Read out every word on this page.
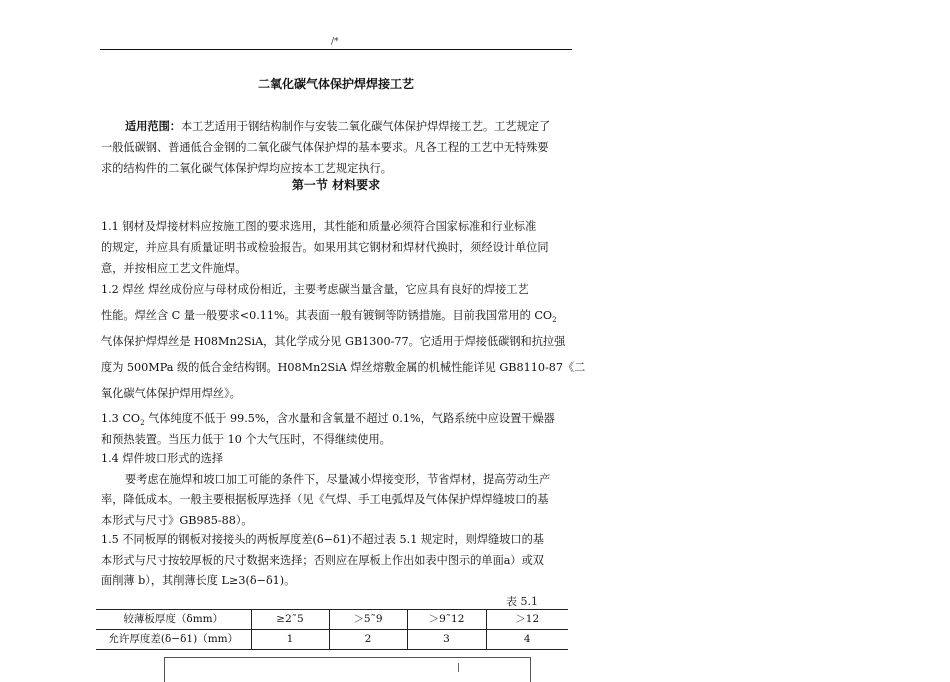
/*
二氧化碳气体保护焊焊接工艺
适用范围：本工艺适用于钢结构制作与安装二氧化碳气体保护焊焊接工艺。工艺规定了
一般低碳钢、普通低合金钢的二氧化碳气体保护焊的基本要求。凡各工程的工艺中无特殊要
求的结构件的二氧化碳气体保护焊均应按本工艺规定执行。
第一节 材料要求
1.1 钢材及焊接材料应按施工图的要求选用，其性能和质量必须符合国家标准和行业标准
的规定，并应具有质量证明书或检验报告。如果用其它钢材和焊材代换时，须经设计单位同
意，并按相应工艺文件施焊。
1.2 焊丝 焊丝成份应与母材成份相近，主要考虑碳当量含量，它应具有良好的焊接工艺
性能。焊丝含 C 量一般要求<0.11%。其表面一般有镀铜等防锈措施。目前我国常用的 $CO_2$
气体保护焊焊丝是 H08Mn2SiA，其化学成分见 GB1300-77。它适用于焊接低碳钢和抗拉强
度为 500MPa 级的低合金结构钢。H08Mn2SiA 焊丝熔敷金属的机械性能详见 GB8110-87《二
氧化碳气体保护焊用焊丝》。
1.3 $CO_2$ 气体纯度不低于 99.5%，含水量和含氧量不超过 0.1%，气路系统中应设置干燥器
和预热装置。当压力低于 10 个大气压时，不得继续使用。
1.4 焊件坡口形式的选择
要考虑在施焊和坡口加工可能的条件下，尽量减小焊接变形，节省焊材，提高劳动生产
率，降低成本。一般主要根据板厚选择（见《气焊、手工电弧焊及气体保护焊焊缝坡口的基
本形式与尺寸》GB985-88）。
1.5 不同板厚的钢板对接接头的两板厚度差(δ−δ1)不超过表 5.1 规定时，则焊缝坡口的基
本形式与尺寸按较厚板的尺寸数据来选择；否则应在厚板上作出如表中图示的单面a）或双
面削薄 b），其削薄长度 L≥3(δ−δ1)。
表 5.1
较薄板厚度（δmm）	≥2˜5	＞5˜9	＞9˜12	＞12
允许厚度差(δ−δ1)（mm）	1	2	3	4
